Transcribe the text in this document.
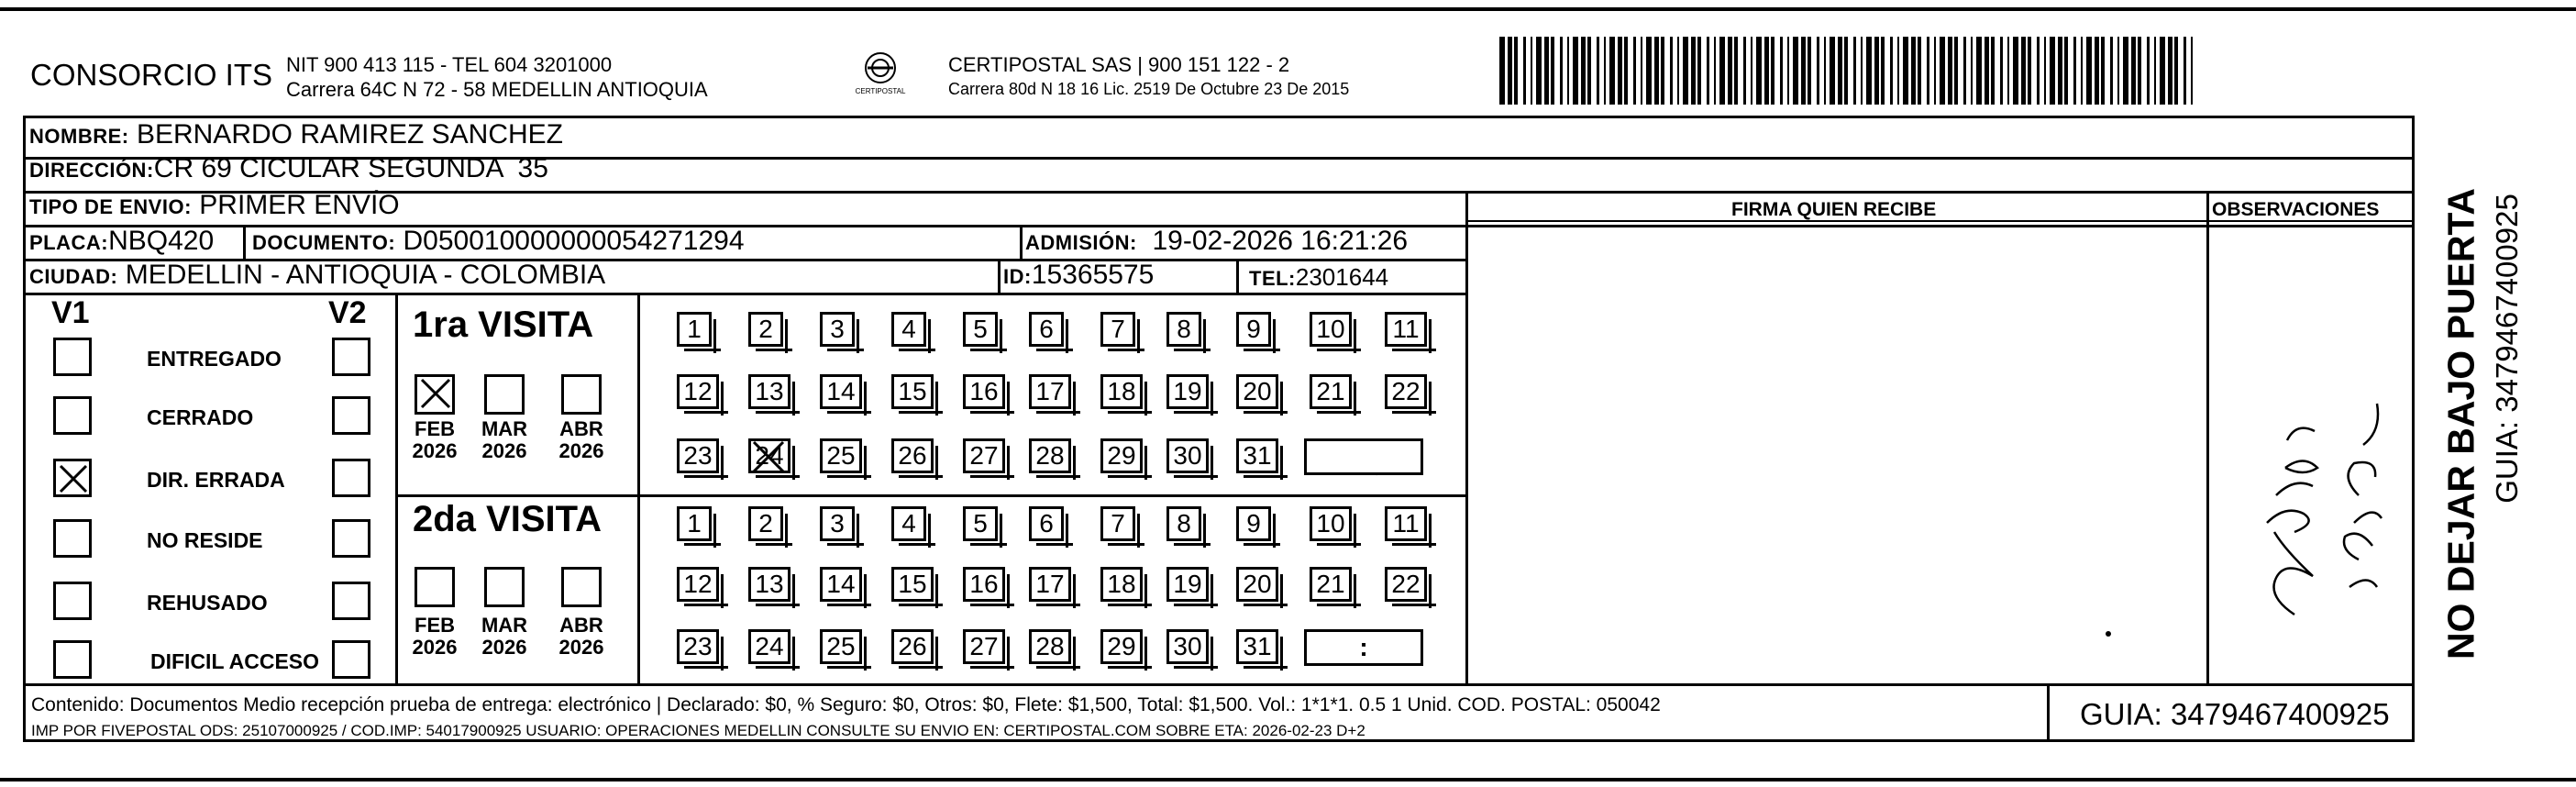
CONSORCIO ITS NIT 900 413 115 - TEL 604 3201000
Carrera 64C N 72 - 58 MEDELLIN ANTIOQUIA	CERTIPOSTAL
CERTIPOSTAL SAS | 900 151 122 - 2
Carrera 80d N 18 16 Lic. 2519 De Octubre 23 De 2015
NOMBRE: BERNARDO RAMIREZ SANCHEZ
DIRECCIÓN:CR 69 CICULAR SEGUNDA  35
TIPO DE ENVIO: PRIMER ENVÍO	FIRMA QUIEN RECIBE	OBSERVACIONES
PLACA:NBQ420 DOCUMENTO: D050010000000054271294	ADMISIÓN: 19-02-2026 16:21:26
CIUDAD: MEDELLIN - ANTIOQUIA - COLOMBIA	ID:15365575	TEL:2301644
V1	V2 1ra VISITA
2da VISITA
Contenido: Documentos Medio recepción prueba de entrega: electrónico | Declarado: $0, % Seguro: $0, Otros: $0, Flete: $1,500, Total: $1,500. Vol.: 1*1*1. 0.5 1 Unid. COD. POSTAL: 050042
IMP POR FIVEPOSTAL ODS: 25107000925 / COD.IMP: 54017900925 USUARIO: OPERACIONES MEDELLIN CONSULTE SU ENVIO EN: CERTIPOSTAL.COM SOBRE ETA: 2026-02-23 D+2	GUIA: 3479467400925
NO DEJAR BAJO PUERTA GUIA: 3479467400925
ENTREGADO
CERRADO
DIR. ERRADA
NO RESIDE
REHUSADO
DIFICIL ACCESO
FEB
2026
MAR
2026
ABR
2026
FEB
2026
MAR
2026
ABR
2026
1	2	3	4	5	6	7	8	9	10	11
12 13 14 15 16 17 18 19 20 21 22
23 24 25 26 27 28 29 30 31
1	2	3	4	5	6	7	8	9	10	11
12 13 14 15 16 17 18 19 20 21 22
23 24 25 26 27 28 29 30 31	:
